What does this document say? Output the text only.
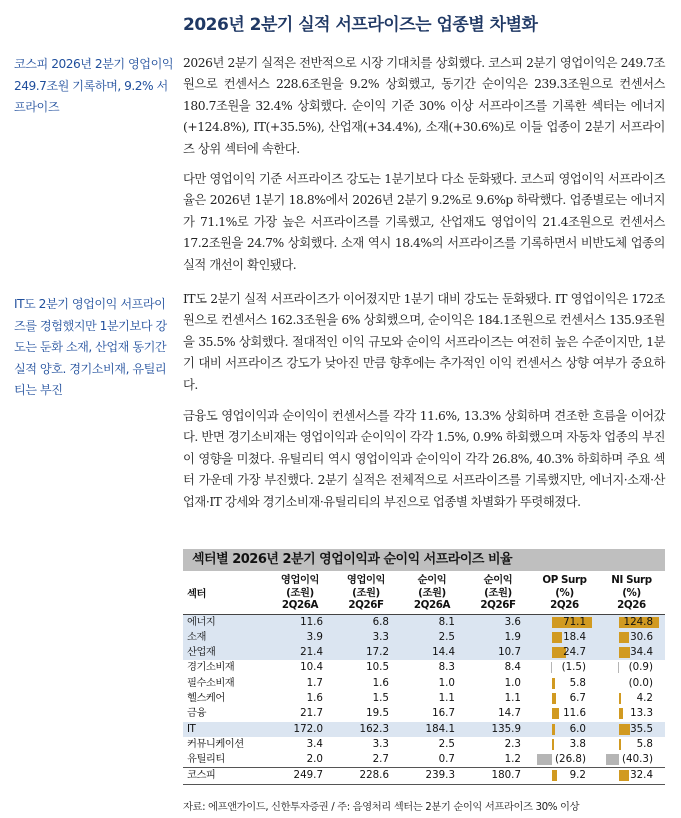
2026년 2분기 실적 서프라이즈는 업종별 차별화
코스피 2026년 2분기 영업이익 249.7조원 기록하며, 9.2% 서프라이즈
IT도 2분기 영업이익 서프라이즈를 경험했지만 1분기보다 강도는 둔화 소재, 산업재 동기간 실적 양호. 경기소비재, 유틸리티는 부진
2026년 2분기 실적은 전반적으로 시장 기대치를 상회했다. 코스피 2분기 영업이익은 249.7조원으로 컨센서스 228.6조원을 9.2% 상회했고, 동기간 순이익은 239.3조원으로 컨센서스 180.7조원을 32.4% 상회했다. 순이익 기준 30% 이상 서프라이즈를 기록한 섹터는 에너지(+124.8%), IT(+35.5%), 산업재(+34.4%), 소재(+30.6%)로 이들 업종이 2분기 서프라이즈 상위 섹터에 속한다.
다만 영업이익 기준 서프라이즈 강도는 1분기보다 다소 둔화됐다. 코스피 영업이익 서프라이즈율은 2026년 1분기 18.8%에서 2026년 2분기 9.2%로 9.6%p 하락했다. 업종별로는 에너지가 71.1%로 가장 높은 서프라이즈를 기록했고, 산업재도 영업이익 21.4조원으로 컨센서스 17.2조원을 24.7% 상회했다. 소재 역시 18.4%의 서프라이즈를 기록하면서 비반도체 업종의 실적 개선이 확인됐다.
IT도 2분기 실적 서프라이즈가 이어졌지만 1분기 대비 강도는 둔화됐다. IT 영업이익은 172조원으로 컨센서스 162.3조원을 6% 상회했으며, 순이익은 184.1조원으로 컨센서스 135.9조원을 35.5% 상회했다. 절대적인 이익 규모와 순이익 서프라이즈는 여전히 높은 수준이지만, 1분기 대비 서프라이즈 강도가 낮아진 만큼 향후에는 추가적인 이익 컨센서스 상향 여부가 중요하다.
금융도 영업이익과 순이익이 컨센서스를 각각 11.6%, 13.3% 상회하며 견조한 흐름을 이어갔다. 반면 경기소비재는 영업이익과 순이익이 각각 1.5%, 0.9% 하회했으며 자동차 업종의 부진이 영향을 미쳤다. 유틸리티 역시 영업이익과 순이익이 각각 26.8%, 40.3% 하회하며 주요 섹터 가운데 가장 부진했다. 2분기 실적은 전체적으로 서프라이즈를 기록했지만, 에너지·소재·산업재·IT 강세와 경기소비재·유틸리티의 부진으로 업종별 차별화가 뚜렷해졌다.
섹터별 2026년 2분기 영업이익과 순이익 서프라이즈 비율
섹터	영업이익	영업이익	순이익	순이익	OP Surp	NI Surp
	(조원)	(조원)	(조원)	(조원)	(%)	(%)
	2Q26A	2Q26F	2Q26A	2Q26F	2Q26	2Q26
에너지	11.6	6.8	8.1	3.6	71.1	124.8

소재	3.9	3.3	2.5	1.9	18.4	30.6

산업재	21.4	17.2	14.4	10.7	24.7	34.4

경기소비재	10.4	10.5	8.3	8.4	(1.5)	(0.9)

필수소비재	1.7	1.6	1.0	1.0	5.8	(0.0)

헬스케어	1.6	1.5	1.1	1.1	6.7	4.2

금융	21.7	19.5	16.7	14.7	11.6	13.3

IT	172.0	162.3	184.1	135.9	6.0	35.5

커뮤니케이션	3.4	3.3	2.5	2.3	3.8	5.8

유틸리티	2.0	2.7	0.7	1.2	(26.8)	(40.3)

코스피	249.7	228.6	239.3	180.7	9.2	32.4
자료: 에프앤가이드, 신한투자증권 / 주: 음영처리 섹터는 2분기 순이익 서프라이즈 30% 이상
